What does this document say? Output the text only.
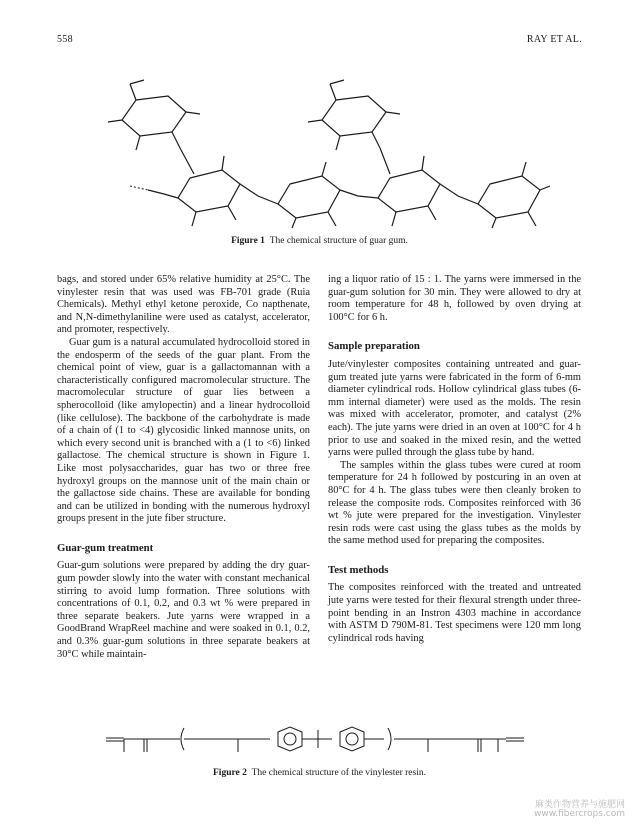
558	RAY ET AL.
Figure 1 The chemical structure of guar gum.

bags, and stored under 65% relative humidity at 25°C. The vinylester resin that was used was FB-701 grade (Ruia Chemicals). Methyl ethyl ketone peroxide, Co napthenate, and N,N-dimethylaniline were used as catalyst, accelerator, and promoter, respectively.

Guar gum is a natural accumulated hydrocolloid stored in the endosperm of the seeds of the guar plant. From the chemical point of view, guar is a gallactomannan with a characteristically configured macromolecular structure. The macromolecular structure of guar lies between a spherocolloid (like amylopectin) and a linear hydrocolloid (like cellulose). The backbone of the carbohydrate is made of a chain of (1 to <4) glycosidic linked mannose units, on which every second unit is branched with a (1 to <6) linked gallactose. The chemical structure is shown in Figure 1. Like most polysaccharides, guar has two or three free hydroxyl groups on the mannose unit of the main chain or the gallactose side chains. These are available for bonding and can be utilized in bonding with the numerous hydroxyl groups present in the jute fiber structure.

Guar-gum treatment

Guar-gum solutions were prepared by adding the dry guar-gum powder slowly into the water with constant mechanical stirring to avoid lump formation. Three solutions with concentrations of 0.1, 0.2, and 0.3 wt % were prepared in three separate beakers. Jute yarns were wrapped in a GoodBrand WrapReel machine and were soaked in 0.1, 0.2, and 0.3% guar-gum solutions in three separate beakers at 30°C while maintain-

ing a liquor ratio of 15 : 1. The yarns were immersed in the guar-gum solution for 30 min. They were allowed to dry at room temperature for 48 h, followed by oven drying at 100°C for 6 h.

Sample preparation

Jute/vinylester composites containing untreated and guar-gum treated jute yarns were fabricated in the form of 6-mm diameter cylindrical rods. Hollow cylindrical glass tubes (6-mm internal diameter) were used as the molds. The resin was mixed with accelerator, promoter, and catalyst (2% each). The jute yarns were dried in an oven at 100°C for 4 h prior to use and soaked in the mixed resin, and the wetted yarns were pulled through the glass tube by hand.

The samples within the glass tubes were cured at room temperature for 24 h followed by postcuring in an oven at 80°C for 4 h. The glass tubes were then cleanly broken to release the composite rods. Composites reinforced with 36 wt % jute were prepared for the investigation. Vinylester resin rods were cast using the glass tubes as the molds by the same method used for preparing the composites.

Test methods

The composites reinforced with the treated and untreated jute yarns were tested for their flexural strength under three-point bending in an Instron 4303 machine in accordance with ASTM D 790M-81. Test specimens were 120 mm long cylindrical rods having

Figure 2 The chemical structure of the vinylester resin.
麻类作物营养与施肥网
www.fibercrops.com
